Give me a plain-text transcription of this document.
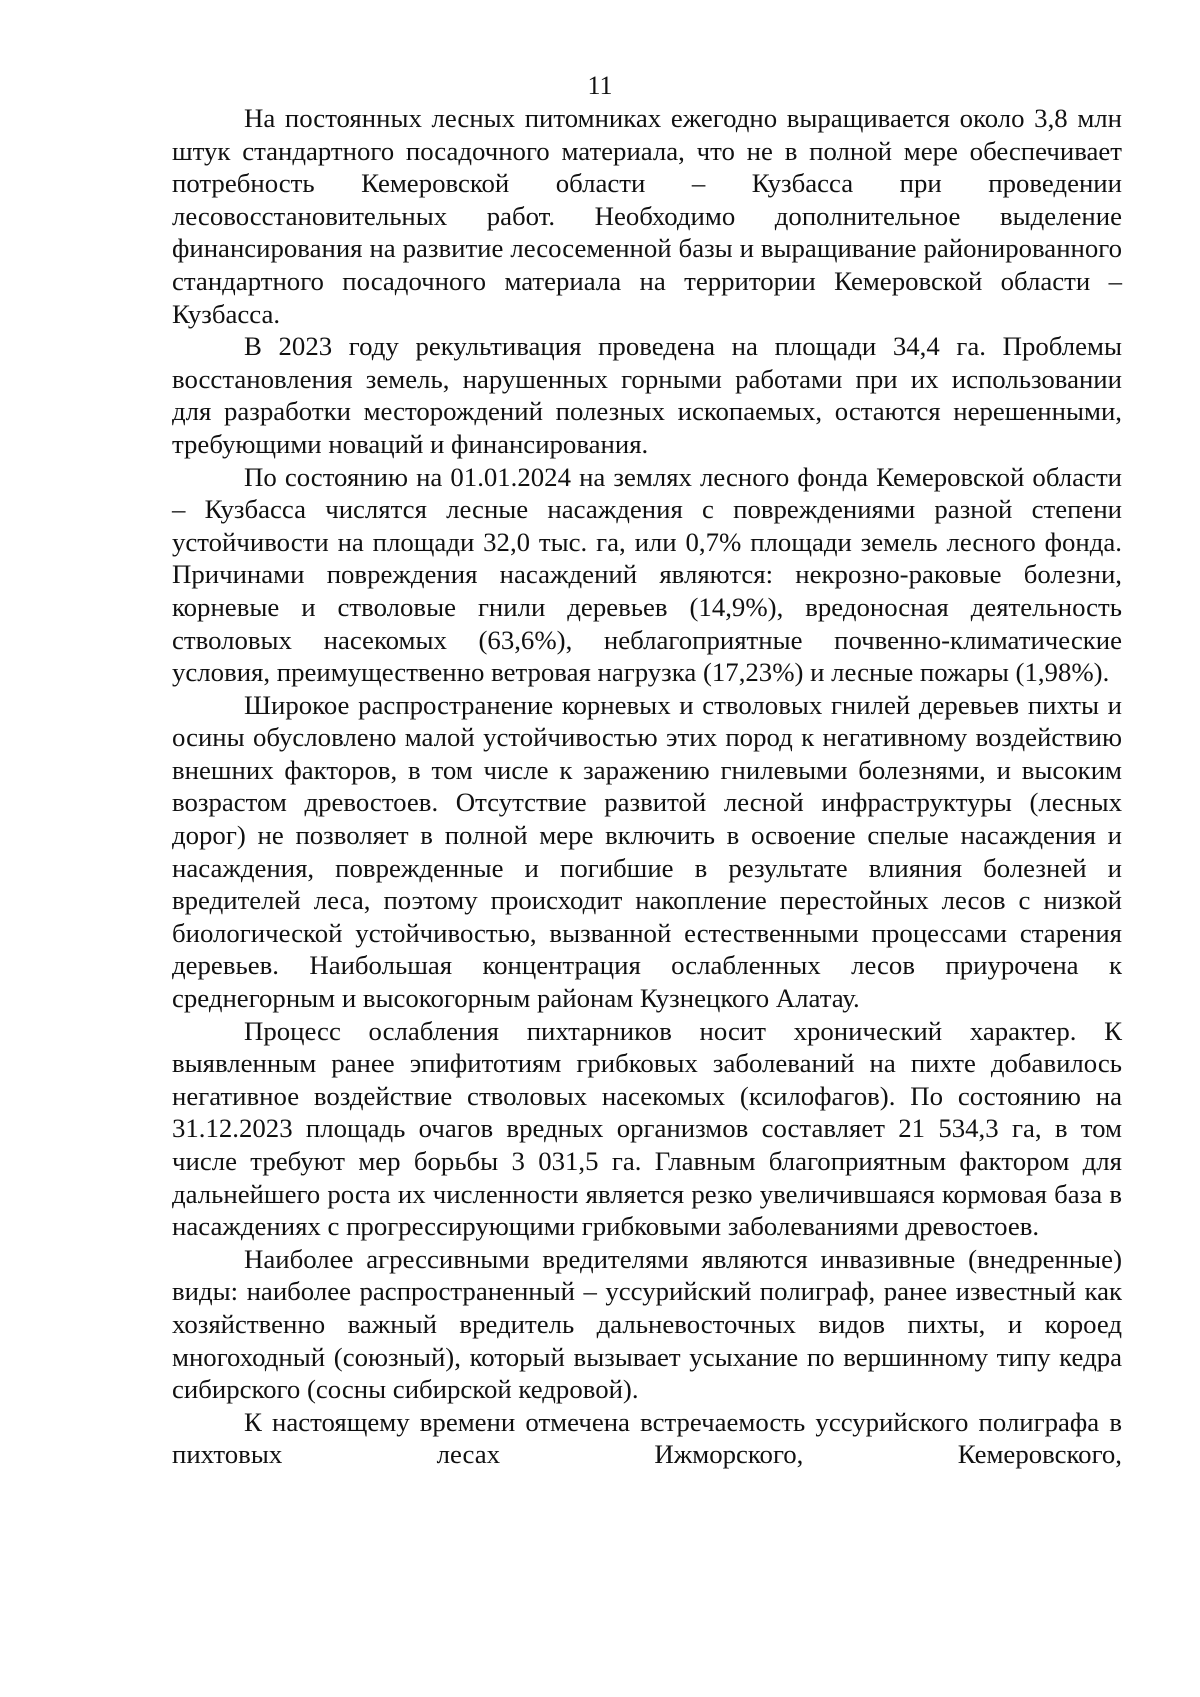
11

На постоянных лесных питомниках ежегодно выращивается около 3,8 млн штук стандартного посадочного материала, что не в полной мере обеспечивает потребность Кемеровской области – Кузбасса при проведении лесовосстановительных работ. Необходимо дополнительное выделение финансирования на развитие лесосеменной базы и выращивание районированного стандартного посадочного материала на территории Кемеровской области – Кузбасса.

В 2023 году рекультивация проведена на площади 34,4 га. Проблемы восстановления земель, нарушенных горными работами при их использовании для разработки месторождений полезных ископаемых, остаются нерешенными, требующими новаций и финансирования.

По состоянию на 01.01.2024 на землях лесного фонда Кемеровской области – Кузбасса числятся лесные насаждения с повреждениями разной степени устойчивости на площади 32,0 тыс. га, или 0,7% площади земель лесного фонда. Причинами повреждения насаждений являются: некрозно-раковые болезни, корневые и стволовые гнили деревьев (14,9%), вредоносная деятельность стволовых насекомых (63,6%), неблагоприятные почвенно-климатические условия, преимущественно ветровая нагрузка (17,23%) и лесные пожары (1,98%).

Широкое распространение корневых и стволовых гнилей деревьев пихты и осины обусловлено малой устойчивостью этих пород к негативному воздействию внешних факторов, в том числе к заражению гнилевыми болезнями, и высоким возрастом древостоев. Отсутствие развитой лесной инфраструктуры (лесных дорог) не позволяет в полной мере включить в освоение спелые насаждения и насаждения, поврежденные и погибшие в результате влияния болезней и вредителей леса, поэтому происходит накопление перестойных лесов с низкой биологической устойчивостью, вызванной естественными процессами старения деревьев. Наибольшая концентрация ослабленных лесов приурочена к среднегорным и высокогорным районам Кузнецкого Алатау.

Процесс ослабления пихтарников носит хронический характер. К выявленным ранее эпифитотиям грибковых заболеваний на пихте добавилось негативное воздействие стволовых насекомых (ксилофагов). По состоянию на 31.12.2023 площадь очагов вредных организмов составляет 21 534,3 га, в том числе требуют мер борьбы 3 031,5 га. Главным благоприятным фактором для дальнейшего роста их численности является резко увеличившаяся кормовая база в насаждениях с прогрессирующими грибковыми заболеваниями древостоев.

Наиболее агрессивными вредителями являются инвазивные (внедренные) виды: наиболее распространенный – уссурийский полиграф, ранее известный как хозяйственно важный вредитель дальневосточных видов пихты, и короед многоходный (союзный), который вызывает усыхание по вершинному типу кедра сибирского (сосны сибирской кедровой).

К настоящему времени отмечена встречаемость уссурийского полиграфа в пихтовых лесах Ижморского, Кемеровского,
